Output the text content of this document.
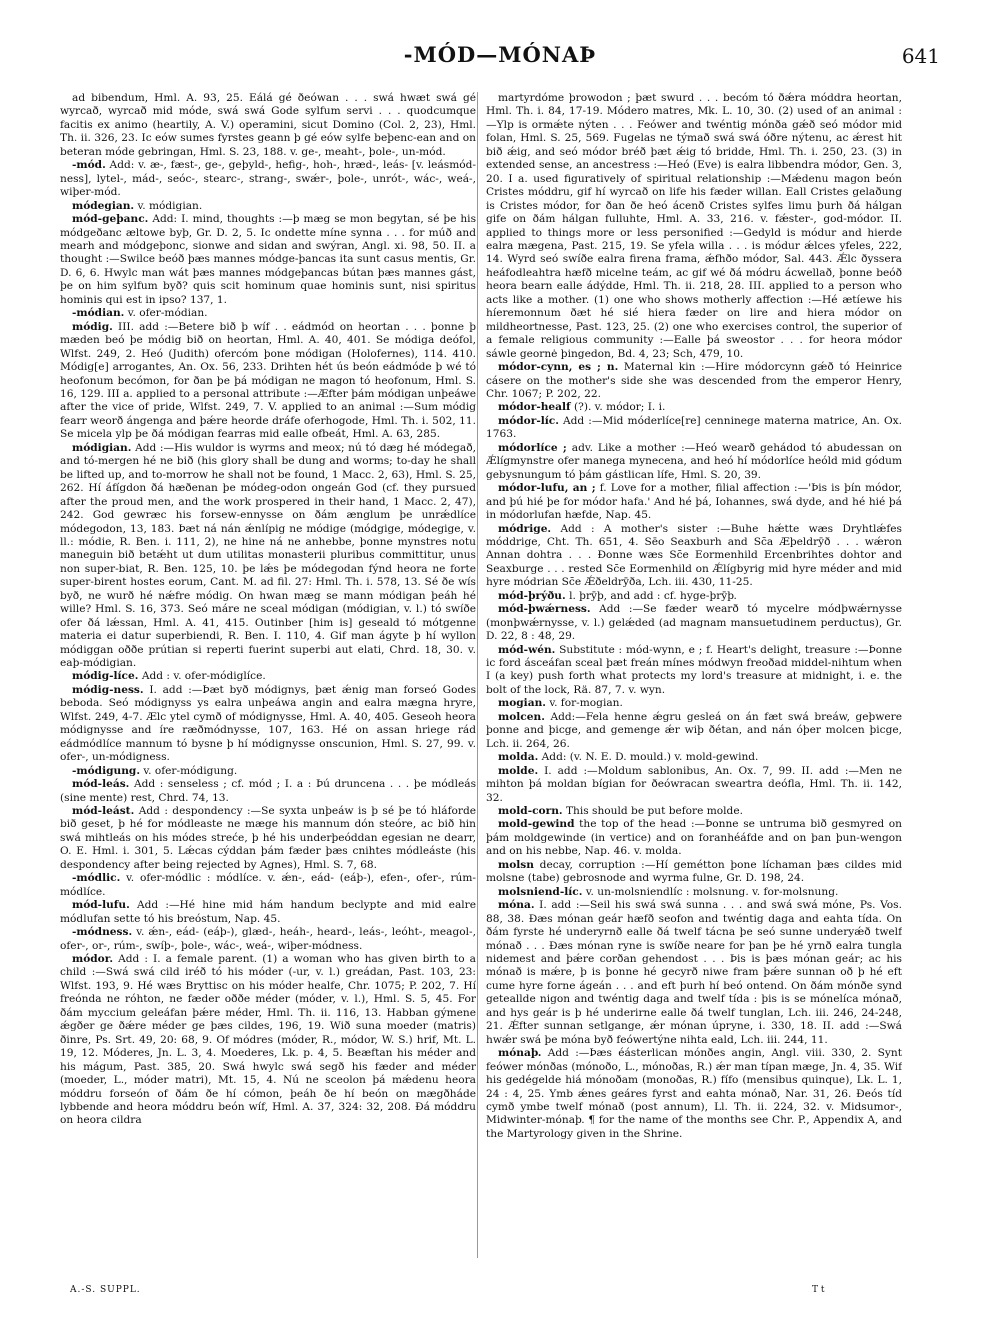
-MÓD—MÓNAÞ	641

ad bibendum, Hml. A. 93, 25. Eálá gé ðeówan . . . swá hwæt swá gé wyrcað, wyrcað mid móde, swá swá Gode sylfum servi . . . quodcumque facitis ex animo (heartily, A. V.) operamini, sicut Domino (Col. 2, 23), Hml. Th. ii. 326, 23. Ic eów sumes fyrstes geann þ gé eów sylfe beþenc-ean and on beteran móde gebringan, Hml. S. 23, 188. v. ge-, meaht-, þole-, un-mód.

-mód. Add: v. æ-, fæst-, ge-, geþyld-, hefig-, hoh-, hræd-, leás- [v. leásmód-ness], lytel-, mád-, seóc-, stearc-, strang-, swǽr-, þole-, unrót-, wác-, weá-, wiþer-mód.

módegian. v. módigian.

mód-geþanc. Add: I. mind, thoughts :—þ mæg se mon begytan, sé þe his módgeðanc æltowe byþ, Gr. D. 2, 5. Ic ondette míne synna . . . for múð and mearh and módgeþonc, sionwe and sidan and swýran, Angl. xi. 98, 50. II. a thought :—Swilce beóð þæs mannes módge-þancas ita sunt casus mentis, Gr. D. 6, 6. Hwylc man wát þæs mannes módgeþancas bútan þæs mannes gást, þe on him sylfum byð? quis scit hominum quae hominis sunt, nisi spiritus hominis qui est in ipso? 137, 1.

-módian. v. ofer-módian.

módig. III. add :—Betere bið þ wíf . . eádmód on heortan . . . þonne þ mæden beó þe módig bið on heortan, Hml. A. 40, 401. Se módiga deófol, Wlfst. 249, 2. Heó (Judith) ofercóm þone módigan (Holofernes), 114. 410. Módig[e] arrogantes, An. Ox. 56, 233. Drihten hét ús beón eádmóde þ wé tó heofonum becómon, for ðan þe þá módigan ne magon tó heofonum, Hml. S. 16, 129. III a. applied to a personal attribute :—Æfter þám módigan unþeáwe after the vice of pride, Wlfst. 249, 7. V. applied to an animal :—Sum módig fearr weorð ángenga and þǽre heorde dráfe oferhogode, Hml. Th. i. 502, 11. Se micela ylp þe ðá módigan fearras mid ealle ofbeát, Hml. A. 63, 285.

módigian. Add :—His wuldor is wyrms and meox; nú tó dæg hé módegað, and tó-mergen hé ne bið (his glory shall be dung and worms; to-day he shall be lifted up, and to-morrow he shall not be found, 1 Macc. 2, 63), Hml. S. 25, 262. Hí áfígdon ðá hæðenan þe módeg-odon ongeán God (cf. they pursued after the proud men, and the work prospered in their hand, 1 Macc. 2, 47), 242. God gewræc his forsew-ennysse on ðám ænglum þe unrǽdlíce módegodon, 13, 183. Þæt ná nán ǽnlípig ne módige (módgige, módegige, v. ll.: módie, R. Ben. i. 111, 2), ne hine ná ne anhebbe, þonne mynstres notu maneguin bið betǽht ut dum utilitas monasterii pluribus committitur, unus non super-biat, R. Ben. 125, 10. þe lǽs þe módegodan fýnd heora ne forte super-birent hostes eorum, Cant. M. ad fil. 27: Hml. Th. i. 578, 13. Sé ðe wís byð, ne wurð hé nǽfre módig. On hwan mæg se mann módigan þeáh hé wille? Hml. S. 16, 373. Seó máre ne sceal módigan (módigian, v. l.) tó swíðe ofer ðá lǽssan, Hml. A. 41, 415. Outinber [him is] geseald tó mótgenne materia ei datur superbiendi, R. Ben. I. 110, 4. Gif man ágyte þ hí wyllon módiggan oððe prútian si reperti fuerint superbi aut elati, Chrd. 18, 30. v. eaþ-módigian.

módig-líce. Add : v. ofer-módiglíce.

módig-ness. I. add :—Þæt byð módignys, þæt ǽnig man forseó Godes beboda. Seó módignyss ys ealra unþeáwa angin and ealra mægna hryre, Wlfst. 249, 4-7. Ælc ytel cymð of módignysse, Hml. A. 40, 405. Geseoh heora módignysse and íre ræðmódnysse, 107, 163. Hé on assan hriege rád eádmódlíce mannum tó bysne þ hí módignysse onscunion, Hml. S. 27, 99. v. ofer-, un-módigness.

-módigung. v. ofer-módigung.

mód-leás. Add : senseless ; cf. mód ; I. a : Þú druncena . . . þe módleás (sine mente) rest, Chrd. 74, 13.

mód-leást. Add : despondency :—Se syxta unþeáw is þ sé þe tó hláforde bið geset, þ hé for módleaste ne mæge his mannum dón steóre, ac bið hin swá mihtleás on his módes streće, þ hé his underþeóddan egesian ne dearr, O. E. Hml. i. 301, 5. Lǽcas cýddan þám fæder þæs cnihtes módleáste (his despondency after being rejected by Agnes), Hml. S. 7, 68.

-módlic. v. ofer-módlic : módlíce. v. ǽn-, eád- (eáþ-), efen-, ofer-, rúm-módlíce.

mód-lufu. Add :—Hé hine mid hám handum beclypte and mid ealre módlufan sette tó his breóstum, Nap. 45.

-módness. v. ǽn-, eád- (eáþ-), glæd-, heáh-, heard-, leás-, leóht-, meagol-, ofer-, or-, rúm-, swíþ-, þole-, wác-, weá-, wiþer-módness.

módor. Add : I. a female parent. (1) a woman who has given birth to a child :—Swá swá cild iréð tó his móder (-ur, v. l.) greádan, Past. 103, 23: Wlfst. 193, 9. Hé wæs Bryttisc on his móder healfe, Chr. 1075; P. 202, 7. Hí freónda ne róhton, ne fæder oððe méder (móder, v. l.), Hml. S. 5, 45. For ðám myccium geleáfan þǽre méder, Hml. Th. ii. 116, 13. Habban gýmene ǽgðer ge ðǽre méder ge þæs cildes, 196, 19. Wið suna moeder (matris) ðinre, Ps. Srt. 49, 20: 68, 9. Of módres (móder, R., módor, W. S.) hrif, Mt. L. 19, 12. Móderes, Jn. L. 3, 4. Moederes, Lk. p. 4, 5. Beæftan his méder and his mágum, Past. 385, 20. Swá hwylc swá segð his fæder and méder (moeder, L., móder matri), Mt. 15, 4. Nú ne sceolon þá mǽdenu heora móddru forseón of ðám ðe hí cómon, þeáh ðe hí beón on mægðháde lybbende and heora móddru beón wíf, Hml. A. 37, 324: 32, 208. Ðá móddru on heora cildra

martyrdóme þrowodon ; þæt swurd . . . becóm tó ðǽra móddra heortan, Hml. Th. i. 84, 17-19. Módero matres, Mk. L. 10, 30. (2) used of an animal :—Ylp is ormǽte nýten . . . Feówer and twéntig mónða gǽð seó módor mid folan, Hml. S. 25, 569. Fugelas ne týmað swá swá óðre nýtenu, ac ǽrest hit bið ǽig, and seó módor bréð þæt ǽig tó bridde, Hml. Th. i. 250, 23. (3) in extended sense, an ancestress :—Heó (Eve) is ealra libbendra módor, Gen. 3, 20. I a. used figuratively of spiritual relationship :—Mǽdenu magon beón Cristes móddru, gif hí wyrcað on life his fæder willan. Eall Cristes gelaðung is Cristes módor, for ðan ðe heó ácenð Cristes sylfes limu þurh ðá hálgan gife on ðám hálgan fulluhte, Hml. A. 33, 216. v. fǽster-, god-módor. II. applied to things more or less personified :—Gedyld is módur and hierde ealra mægena, Past. 215, 19. Se yfela willa . . . is módur ǽlces yfeles, 222, 14. Wyrd seó swíðe ealra firena frama, ǽfhðo módor, Sal. 443. Ǽlc ðyssera heáfodleahtra hæfð micelne teám, ac gif wé ðá módru ácwellað, þonne beóð heora bearn ealle ádýdde, Hml. Th. ii. 218, 28. III. applied to a person who acts like a mother. (1) one who shows motherly affection :—Hé ætíewe his híeremonnum ðæt hé sié hiera fæder on lire and hiera módor on mildheortnesse, Past. 123, 25. (2) one who exercises control, the superior of a female religious community :—Ealle þá sweostor . . . for heora módor sáwle geornė þingedon, Bd. 4, 23; Sch, 479, 10.

módor-cynn, es ; n. Maternal kin :—Hire módorcynn gǽð tó Heinrice cásere on the mother's side she was descended from the emperor Henry, Chr. 1067; P. 202, 22.

módor-healf (?). v. módor; I. i.

módor-líc. Add :—Mid móderlíce[re] cenninege materna matrice, An. Ox. 1763.

módorlíce ; adv. Like a mother :—Heó wearð gehádod tó abudessan on Ǽlígmynstre ofer manega mynecena, and heó hí módorlíce heóld mid gódum gebysnungum tó þám gástlican lífe, Hml. S. 20, 39.

módor-lufu, an ; f. Love for a mother, filial affection :—'Þis is þín módor, and þú hié þe for módor hafa.' And hé þá, Iohannes, swá dyde, and hé hié þá in módorlufan hæfde, Nap. 45.

módrige. Add : A mother's sister :—Buhe hǽtte wæs Dryhtlǽfes móddrige, Cht. Th. 651, 4. Sēo Seaxburh and Sc̄a Æþeldrȳð . . . wǽron Annan dohtra . . . Ðonne wæs Sc̄e Eormenhild Ercenbrihtes dohtor and Seaxburge . . . rested Sc̄e Eormenhild on Ǽlígbyrig mid hyre méder and mid hyre módrian Sc̄e Ǽðeldrȳða, Lch. iii. 430, 11-25.

mód-þrýðu. l. þrȳþ, and add : cf. hyge-þrȳþ.

mód-þwǽrness. Add :—Se fæder wearð tó mycelre módþwǽrnysse (monþwǽrnysse, v. l.) gelǽded (ad magnam mansuetudinem perductus), Gr. D. 22, 8 : 48, 29.

mód-wén. Substitute : mód-wynn, e ; f. Heart's delight, treasure :—Þonne ic ford ásceáfan sceal þæt freán mínes módwyn freoðad middel-nihtum when I (a key) push forth what protects my lord's treasure at midnight, i. e. the bolt of the lock, Rä. 87, 7. v. wyn.

mogian. v. for-mogian.

molcen. Add:—Fela henne ǽgru gesleá on án fæt swá breáw, geþwere þonne and þicge, and gemenge ǽr wiþ ðétan, and nán óþer molcen þicge, Lch. ii. 264, 26.

molda. Add: (v. N. E. D. mould.) v. mold-gewind.

molde. I. add :—Moldum sablonibus, An. Ox. 7, 99. II. add :—Men ne mihton þá moldan bígian for ðeówracan sweartra deófla, Hml. Th. ii. 142, 32.

mold-corn. This should be put before molde.

mold-gewind the top of the head :—Þonne se untruma bið gesmyred on þám moldgewinde (in vertice) and on foranhéáfde and on þan þun-wengon and on his nebbe, Nap. 46. v. molda.

molsn decay, corruption :—Hí gemétton þone líchaman þæs cildes mid molsne (tabe) gebrosnode and wyrma fulne, Gr. D. 198, 24.

molsniend-líc. v. un-molsniendlíc : molsnung. v. for-molsnung.

móna. I. add :—Seil his swá swá sunna . . . and swá swá móne, Ps. Vos. 88, 38. Ðæs mónan geár hæfð seofon and twéntig daga and eahta tída. On ðám fyrste hé underyrnð ealle ðá twelf tácna þe seó sunne underyǽð twelf mónað . . . Ðæs mónan ryne is swíðe neare for þan þe hé yrnð ealra tungla nidemest and þǽre corðan gehendost . . . Þis is þæs mónan geár; ac his mónað is mǽre, þ is þonne hé gecyrð niwe fram þǽre sunnan oð þ hé eft cume hyre forne ágeán . . . and eft þurh hí beó ontend. On ðám mónðe synd geteallde nigon and twéntig daga and twelf tída : þis is se mónelíca mónað, and hys geár is þ hé underirne ealle ðá twelf tunglan, Lch. iii. 246, 24-248, 21. Ǽfter sunnan setlgange, ǽr mónan úpryne, i. 330, 18. II. add :—Swá hwǽr swá þe móna byð feówertýne nihta eald, Lch. iii. 244, 11.

mónaþ. Add :—Þæs éásterlican mónðes angin, Angl. viii. 330, 2. Synt feówer mónðas (mónoðo, L., mónoðas, R.) ǽr man típan mæge, Jn. 4, 35. Wif his gedégelde hiá mónoðam (monoðas, R.) fífo (mensibus quinque), Lk. L. 1, 24 : 4, 25. Ymb ǽnes geáres fyrst and eahta mónað, Nar. 31, 26. Ðeós tíd cymð ymbe twelf mónað (post annum), Ll. Th. ii. 224, 32. v. Midsumor-, Midwinter-mónaþ. ¶ for the name of the months see Chr. P., Appendix A, and the Martyrology given in the Shrine.

A.-S. SUPPL.	T t
